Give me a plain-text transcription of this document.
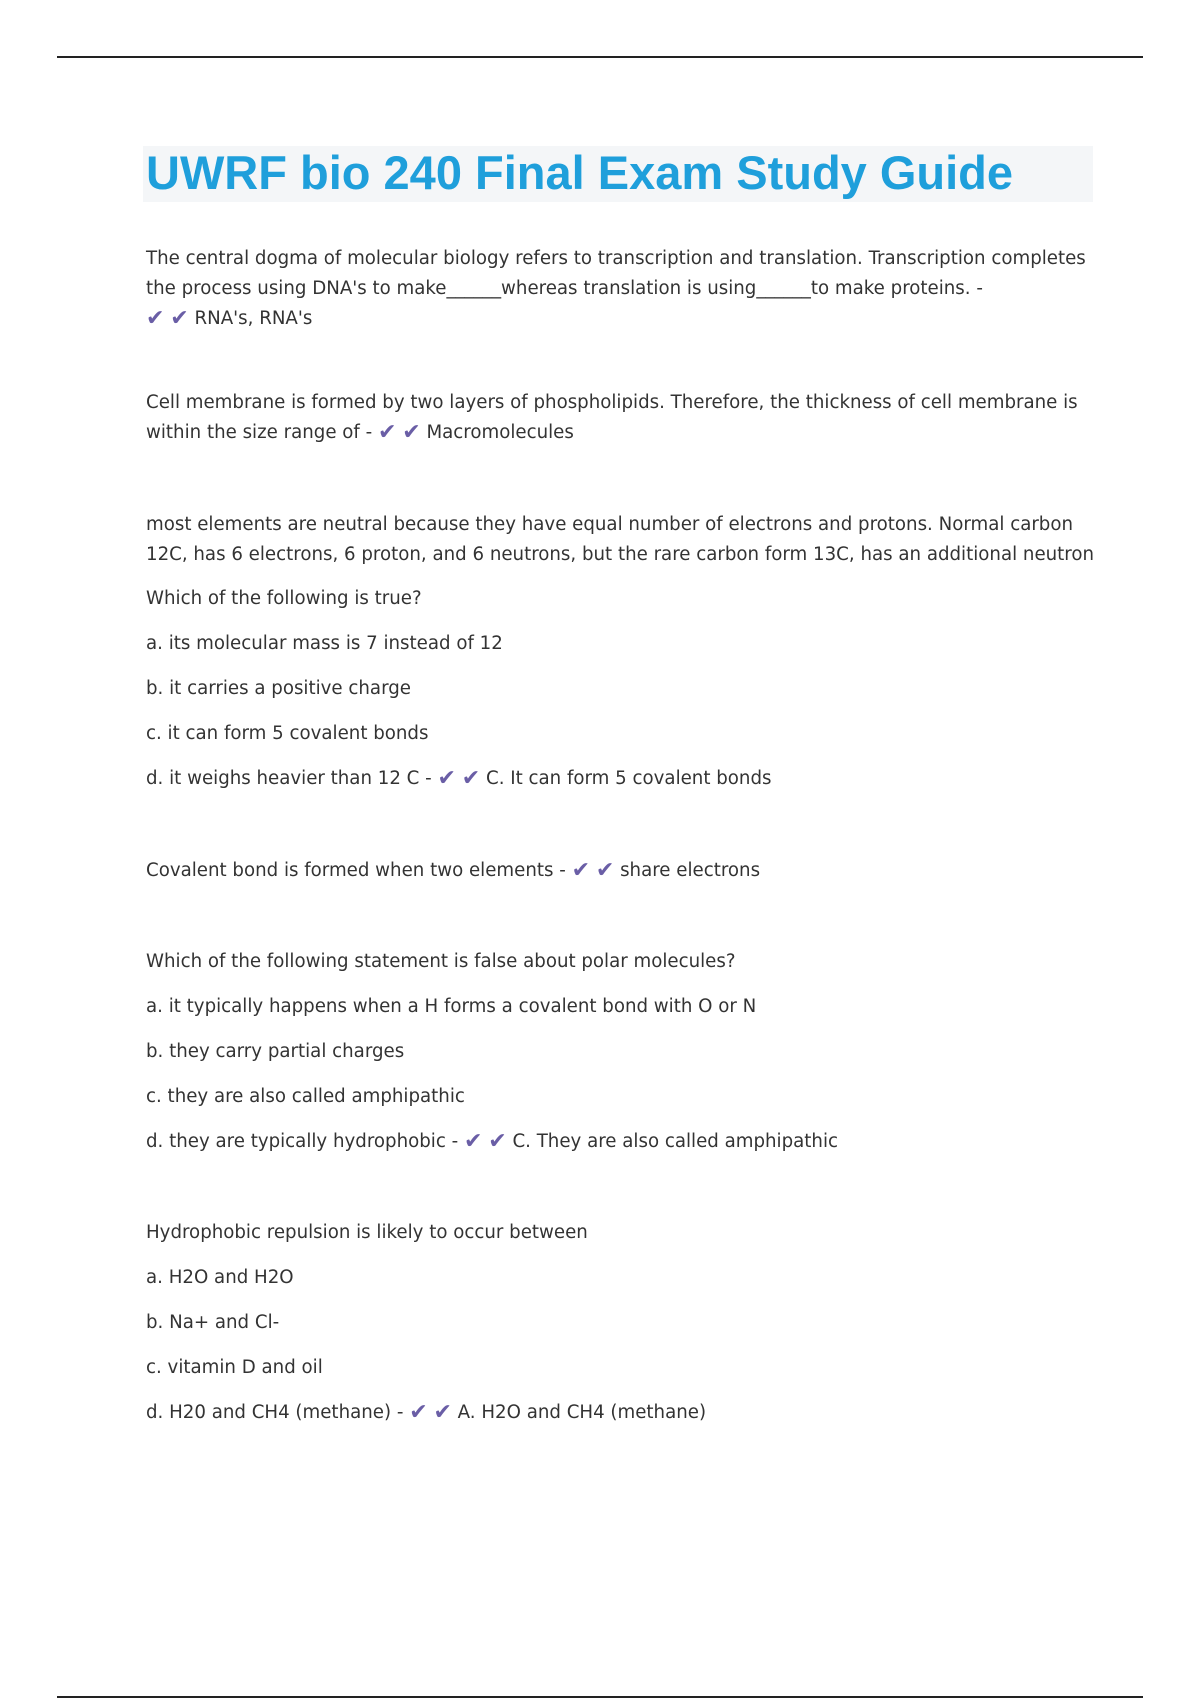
UWRF bio 240 Final Exam Study Guide
The central dogma of molecular biology refers to transcription and translation. Transcription completes
the process using DNA's to make______whereas translation is using______to make proteins. -
✔ ✔ RNA's, RNA's
Cell membrane is formed by two layers of phospholipids. Therefore, the thickness of cell membrane is
within the size range of - ✔ ✔ Macromolecules
most elements are neutral because they have equal number of electrons and protons. Normal carbon
12C, has 6 electrons, 6 proton, and 6 neutrons, but the rare carbon form 13C, has an additional neutron
Which of the following is true?
a. its molecular mass is 7 instead of 12
b. it carries a positive charge
c. it can form 5 covalent bonds
d. it weighs heavier than 12 C - ✔ ✔ C. It can form 5 covalent bonds
Covalent bond is formed when two elements - ✔ ✔ share electrons
Which of the following statement is false about polar molecules?
a. it typically happens when a H forms a covalent bond with O or N
b. they carry partial charges
c. they are also called amphipathic
d. they are typically hydrophobic - ✔ ✔ C. They are also called amphipathic
Hydrophobic repulsion is likely to occur between
a. H2O and H2O
b. Na+ and Cl-
c. vitamin D and oil
d. H20 and CH4 (methane) - ✔ ✔ A. H2O and CH4 (methane)
